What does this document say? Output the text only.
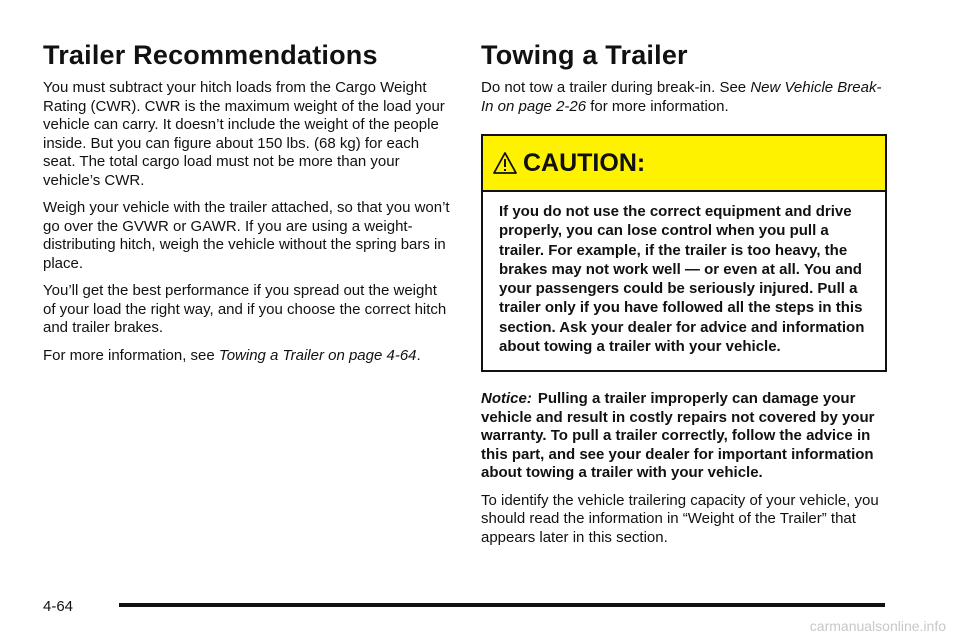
Trailer Recommendations

You must subtract your hitch loads from the Cargo Weight Rating (CWR). CWR is the maximum weight of the load your vehicle can carry. It doesn’t include the weight of the people inside. But you can figure about 150 lbs. (68 kg) for each seat. The total cargo load must not be more than your vehicle’s CWR.

Weigh your vehicle with the trailer attached, so that you won’t go over the GVWR or GAWR. If you are using a weight-distributing hitch, weigh the vehicle without the spring bars in place.

You’ll get the best performance if you spread out the weight of your load the right way, and if you choose the correct hitch and trailer brakes.

For more information, see Towing a Trailer on page 4-64.

Towing a Trailer

Do not tow a trailer during break-in. See New Vehicle Break-In on page 2-26 for more information.

CAUTION:
If you do not use the correct equipment and drive properly, you can lose control when you pull a trailer. For example, if the trailer is too heavy, the brakes may not work well — or even at all. You and your passengers could be seriously injured. Pull a trailer only if you have followed all the steps in this section. Ask your dealer for advice and information about towing a trailer with your vehicle.

Notice: Pulling a trailer improperly can damage your vehicle and result in costly repairs not covered by your warranty. To pull a trailer correctly, follow the advice in this part, and see your dealer for important information about towing a trailer with your vehicle.

To identify the vehicle trailering capacity of your vehicle, you should read the information in “Weight of the Trailer” that appears later in this section.

4-64
carmanualsonline.info
